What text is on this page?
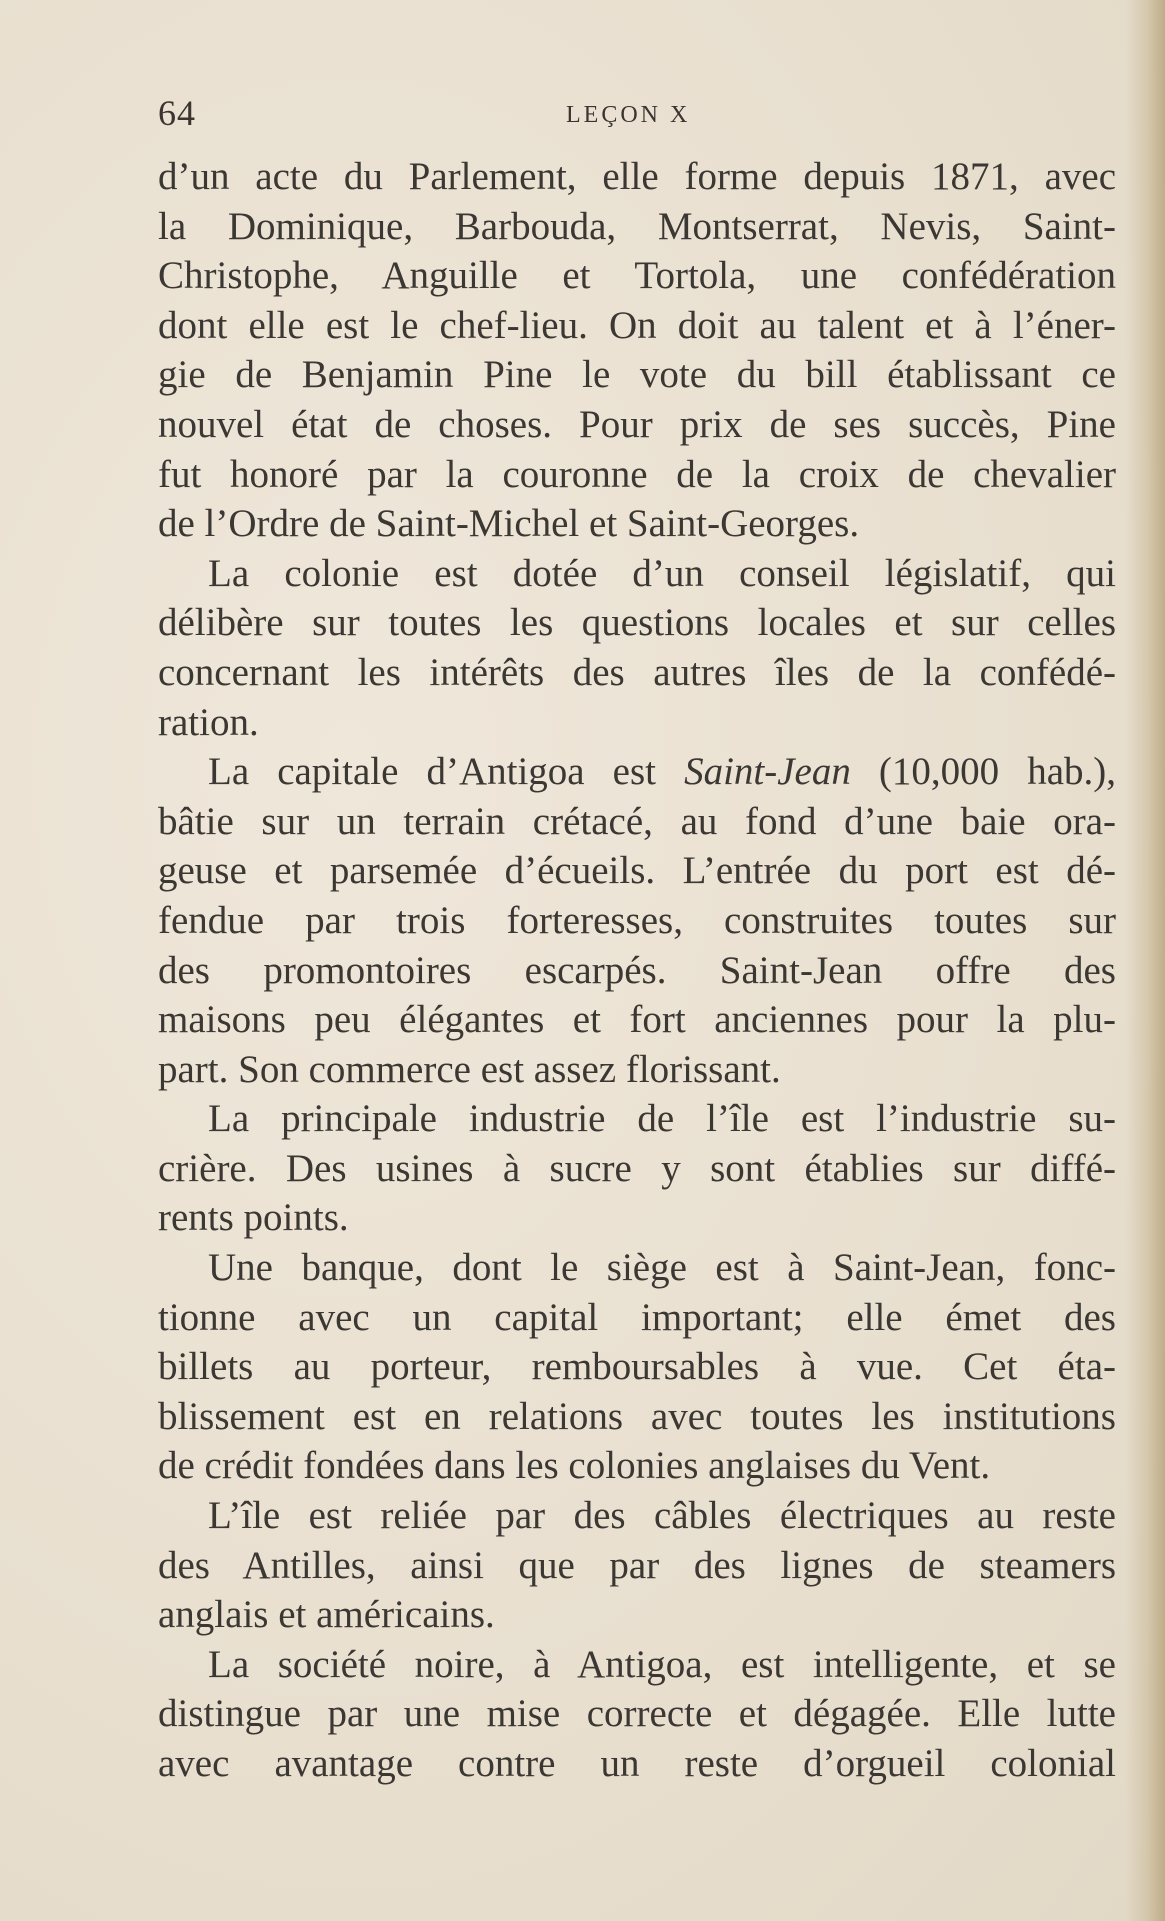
64	LEÇON X
d’un acte du Parlement, elle forme depuis 1871, avec
la Dominique, Barbouda, Montserrat, Nevis, Saint-
Christophe, Anguille et Tortola, une confédération
dont elle est le chef-lieu. On doit au talent et à l’éner-
gie de Benjamin Pine le vote du bill établissant ce
nouvel état de choses. Pour prix de ses succès, Pine
fut honoré par la couronne de la croix de chevalier
de l’Ordre de Saint-Michel et Saint-Georges.
La colonie est dotée d’un conseil législatif, qui
délibère sur toutes les questions locales et sur celles
concernant les intérêts des autres îles de la confédé-
ration.
La capitale d’Antigoa est Saint-Jean (10,000 hab.),
bâtie sur un terrain crétacé, au fond d’une baie ora-
geuse et parsemée d’écueils. L’entrée du port est dé-
fendue par trois forteresses, construites toutes sur
des promontoires escarpés. Saint-Jean offre des
maisons peu élégantes et fort anciennes pour la plu-
part. Son commerce est assez florissant.
La principale industrie de l’île est l’industrie su-
crière. Des usines à sucre y sont établies sur diffé-
rents points.
Une banque, dont le siège est à Saint-Jean, fonc-
tionne avec un capital important; elle émet des
billets au porteur, remboursables à vue. Cet éta-
blissement est en relations avec toutes les institutions
de crédit fondées dans les colonies anglaises du Vent.
L’île est reliée par des câbles électriques au reste
des Antilles, ainsi que par des lignes de steamers
anglais et américains.
La société noire, à Antigoa, est intelligente, et se
distingue par une mise correcte et dégagée. Elle lutte
avec avantage contre un reste d’orgueil colonial
